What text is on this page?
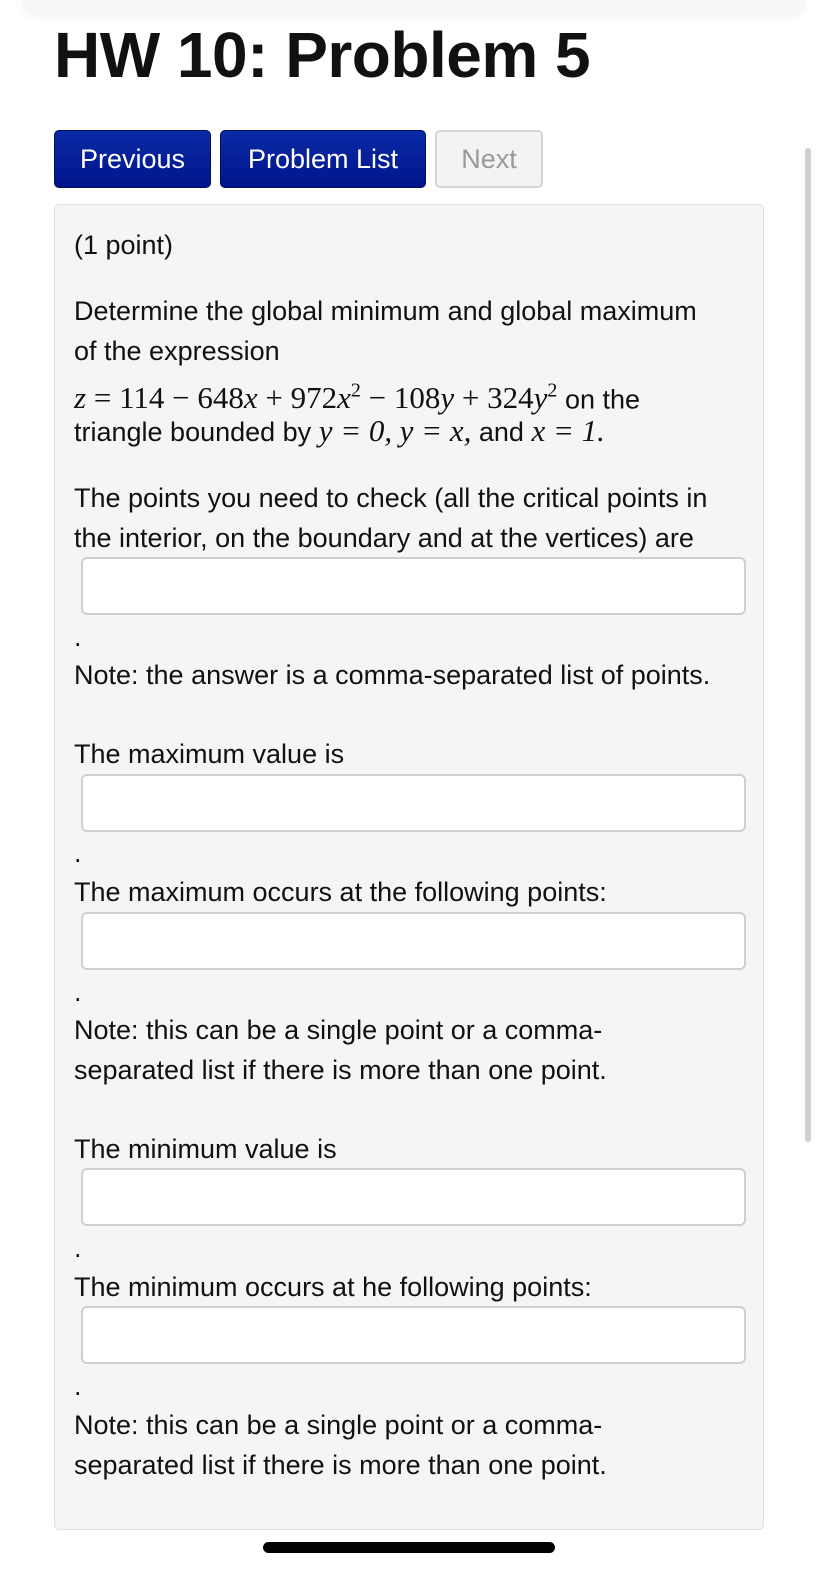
HW 10: Problem 5
Previous	Problem List	Next

(1 point)

Determine the global minimum and global maximum

of the expression

$z = 114 - 648x + 972x^2 - 108y + 324y^2$ on the

triangle bounded by y = 0, y = x, and x = 1.

The points you need to check (all the critical points in

the interior, on the boundary and at the vertices) are

.

Note: the answer is a comma-separated list of points.

The maximum value is

.

The maximum occurs at the following points:

.

Note: this can be a single point or a comma-

separated list if there is more than one point.

The minimum value is

.

The minimum occurs at he following points:

.

Note: this can be a single point or a comma-

separated list if there is more than one point.
